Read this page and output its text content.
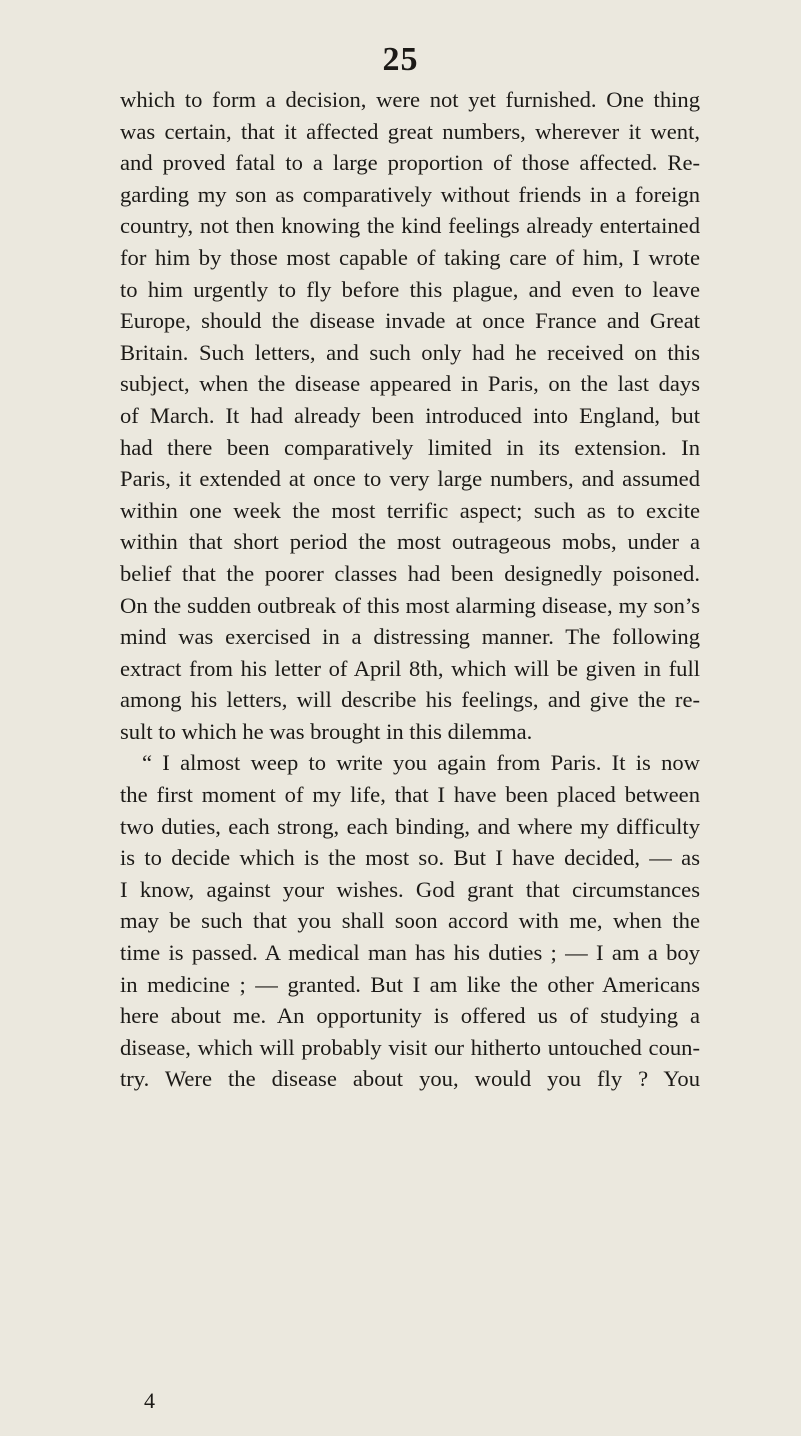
25
which to form a decision, were not yet furnished. One thing
was certain, that it affected great numbers, wherever it went,
and proved fatal to a large proportion of those affected. Re-
garding my son as comparatively without friends in a foreign
country, not then knowing the kind feelings already entertained
for him by those most capable of taking care of him, I wrote
to him urgently to fly before this plague, and even to leave
Europe, should the disease invade at once France and Great
Britain. Such letters, and such only had he received on this
subject, when the disease appeared in Paris, on the last days
of March. It had already been introduced into England, but
had there been comparatively limited in its extension. In
Paris, it extended at once to very large numbers, and assumed
within one week the most terrific aspect; such as to excite
within that short period the most outrageous mobs, under a
belief that the poorer classes had been designedly poisoned.
On the sudden outbreak of this most alarming disease, my son’s
mind was exercised in a distressing manner. The following
extract from his letter of April 8th, which will be given in full
among his letters, will describe his feelings, and give the re-
sult to which he was brought in this dilemma.
“ I almost weep to write you again from Paris. It is now
the first moment of my life, that I have been placed between
two duties, each strong, each binding, and where my difficulty
is to decide which is the most so. But I have decided, — as
I know, against your wishes. God grant that circumstances
may be such that you shall soon accord with me, when the
time is passed. A medical man has his duties ; — I am a boy
in medicine ; — granted. But I am like the other Americans
here about me. An opportunity is offered us of studying a
disease, which will probably visit our hitherto untouched coun-
try. Were the disease about you, would you fly ? You
4
